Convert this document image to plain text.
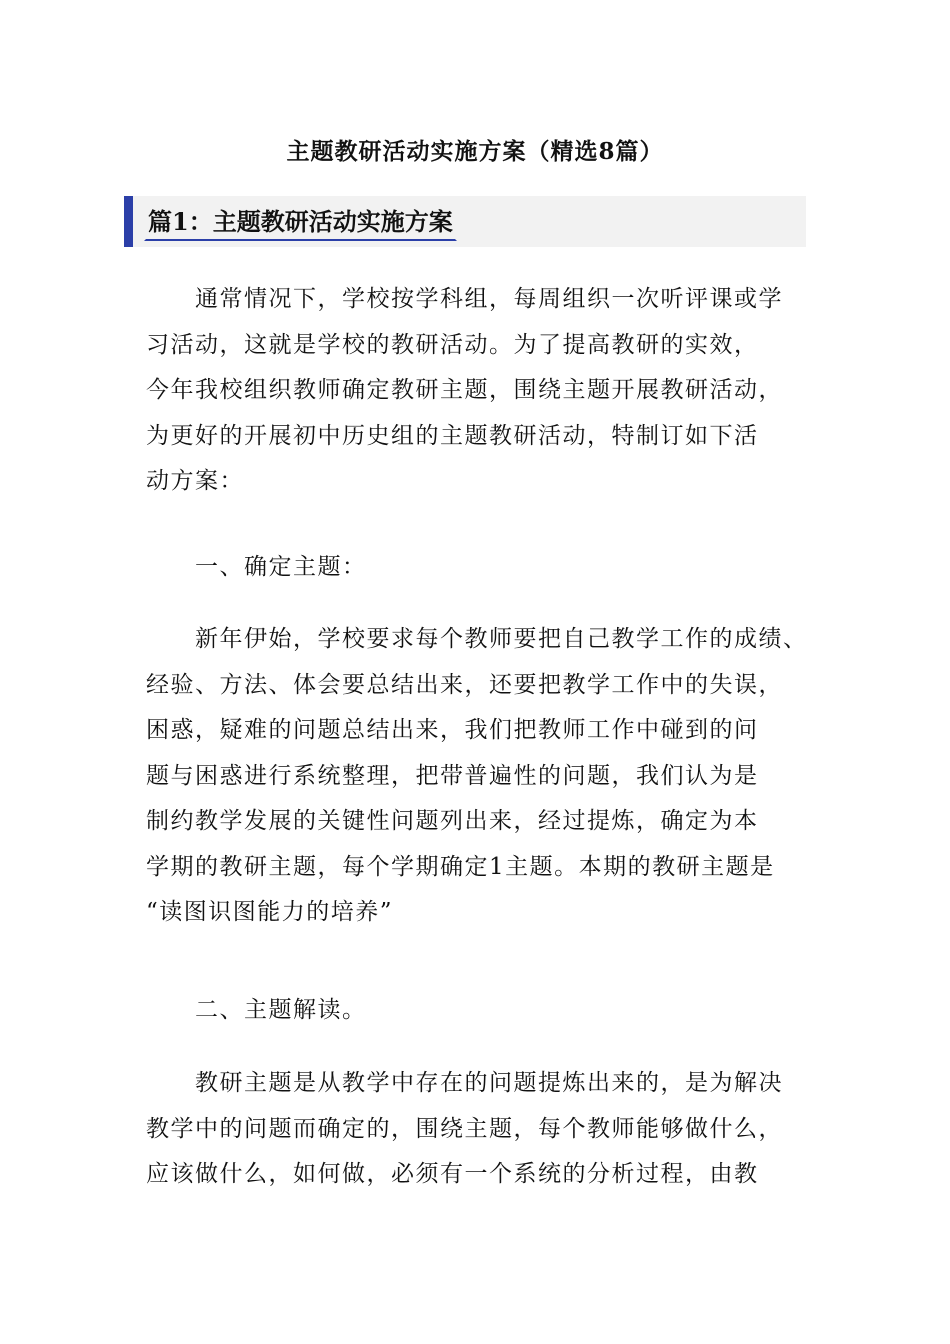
主题教研活动实施方案（精选8篇）
篇1：主题教研活动实施方案
　　通常情况下，学校按学科组，每周组织一次听评课或学
习活动，这就是学校的教研活动。为了提高教研的实效，
今年我校组织教师确定教研主题，围绕主题开展教研活动，
为更好的开展初中历史组的主题教研活动，特制订如下活
动方案：
　　一、确定主题：
　　新年伊始，学校要求每个教师要把自己教学工作的成绩、
经验、方法、体会要总结出来，还要把教学工作中的失误，
困惑，疑难的问题总结出来，我们把教师工作中碰到的问
题与困惑进行系统整理，把带普遍性的问题，我们认为是
制约教学发展的关键性问题列出来，经过提炼，确定为本
学期的教研主题，每个学期确定1主题。本期的教研主题是
“读图识图能力的培养”
　　二、主题解读。
　　教研主题是从教学中存在的问题提炼出来的，是为解决
教学中的问题而确定的，围绕主题，每个教师能够做什么，
应该做什么，如何做，必须有一个系统的分析过程，由教
